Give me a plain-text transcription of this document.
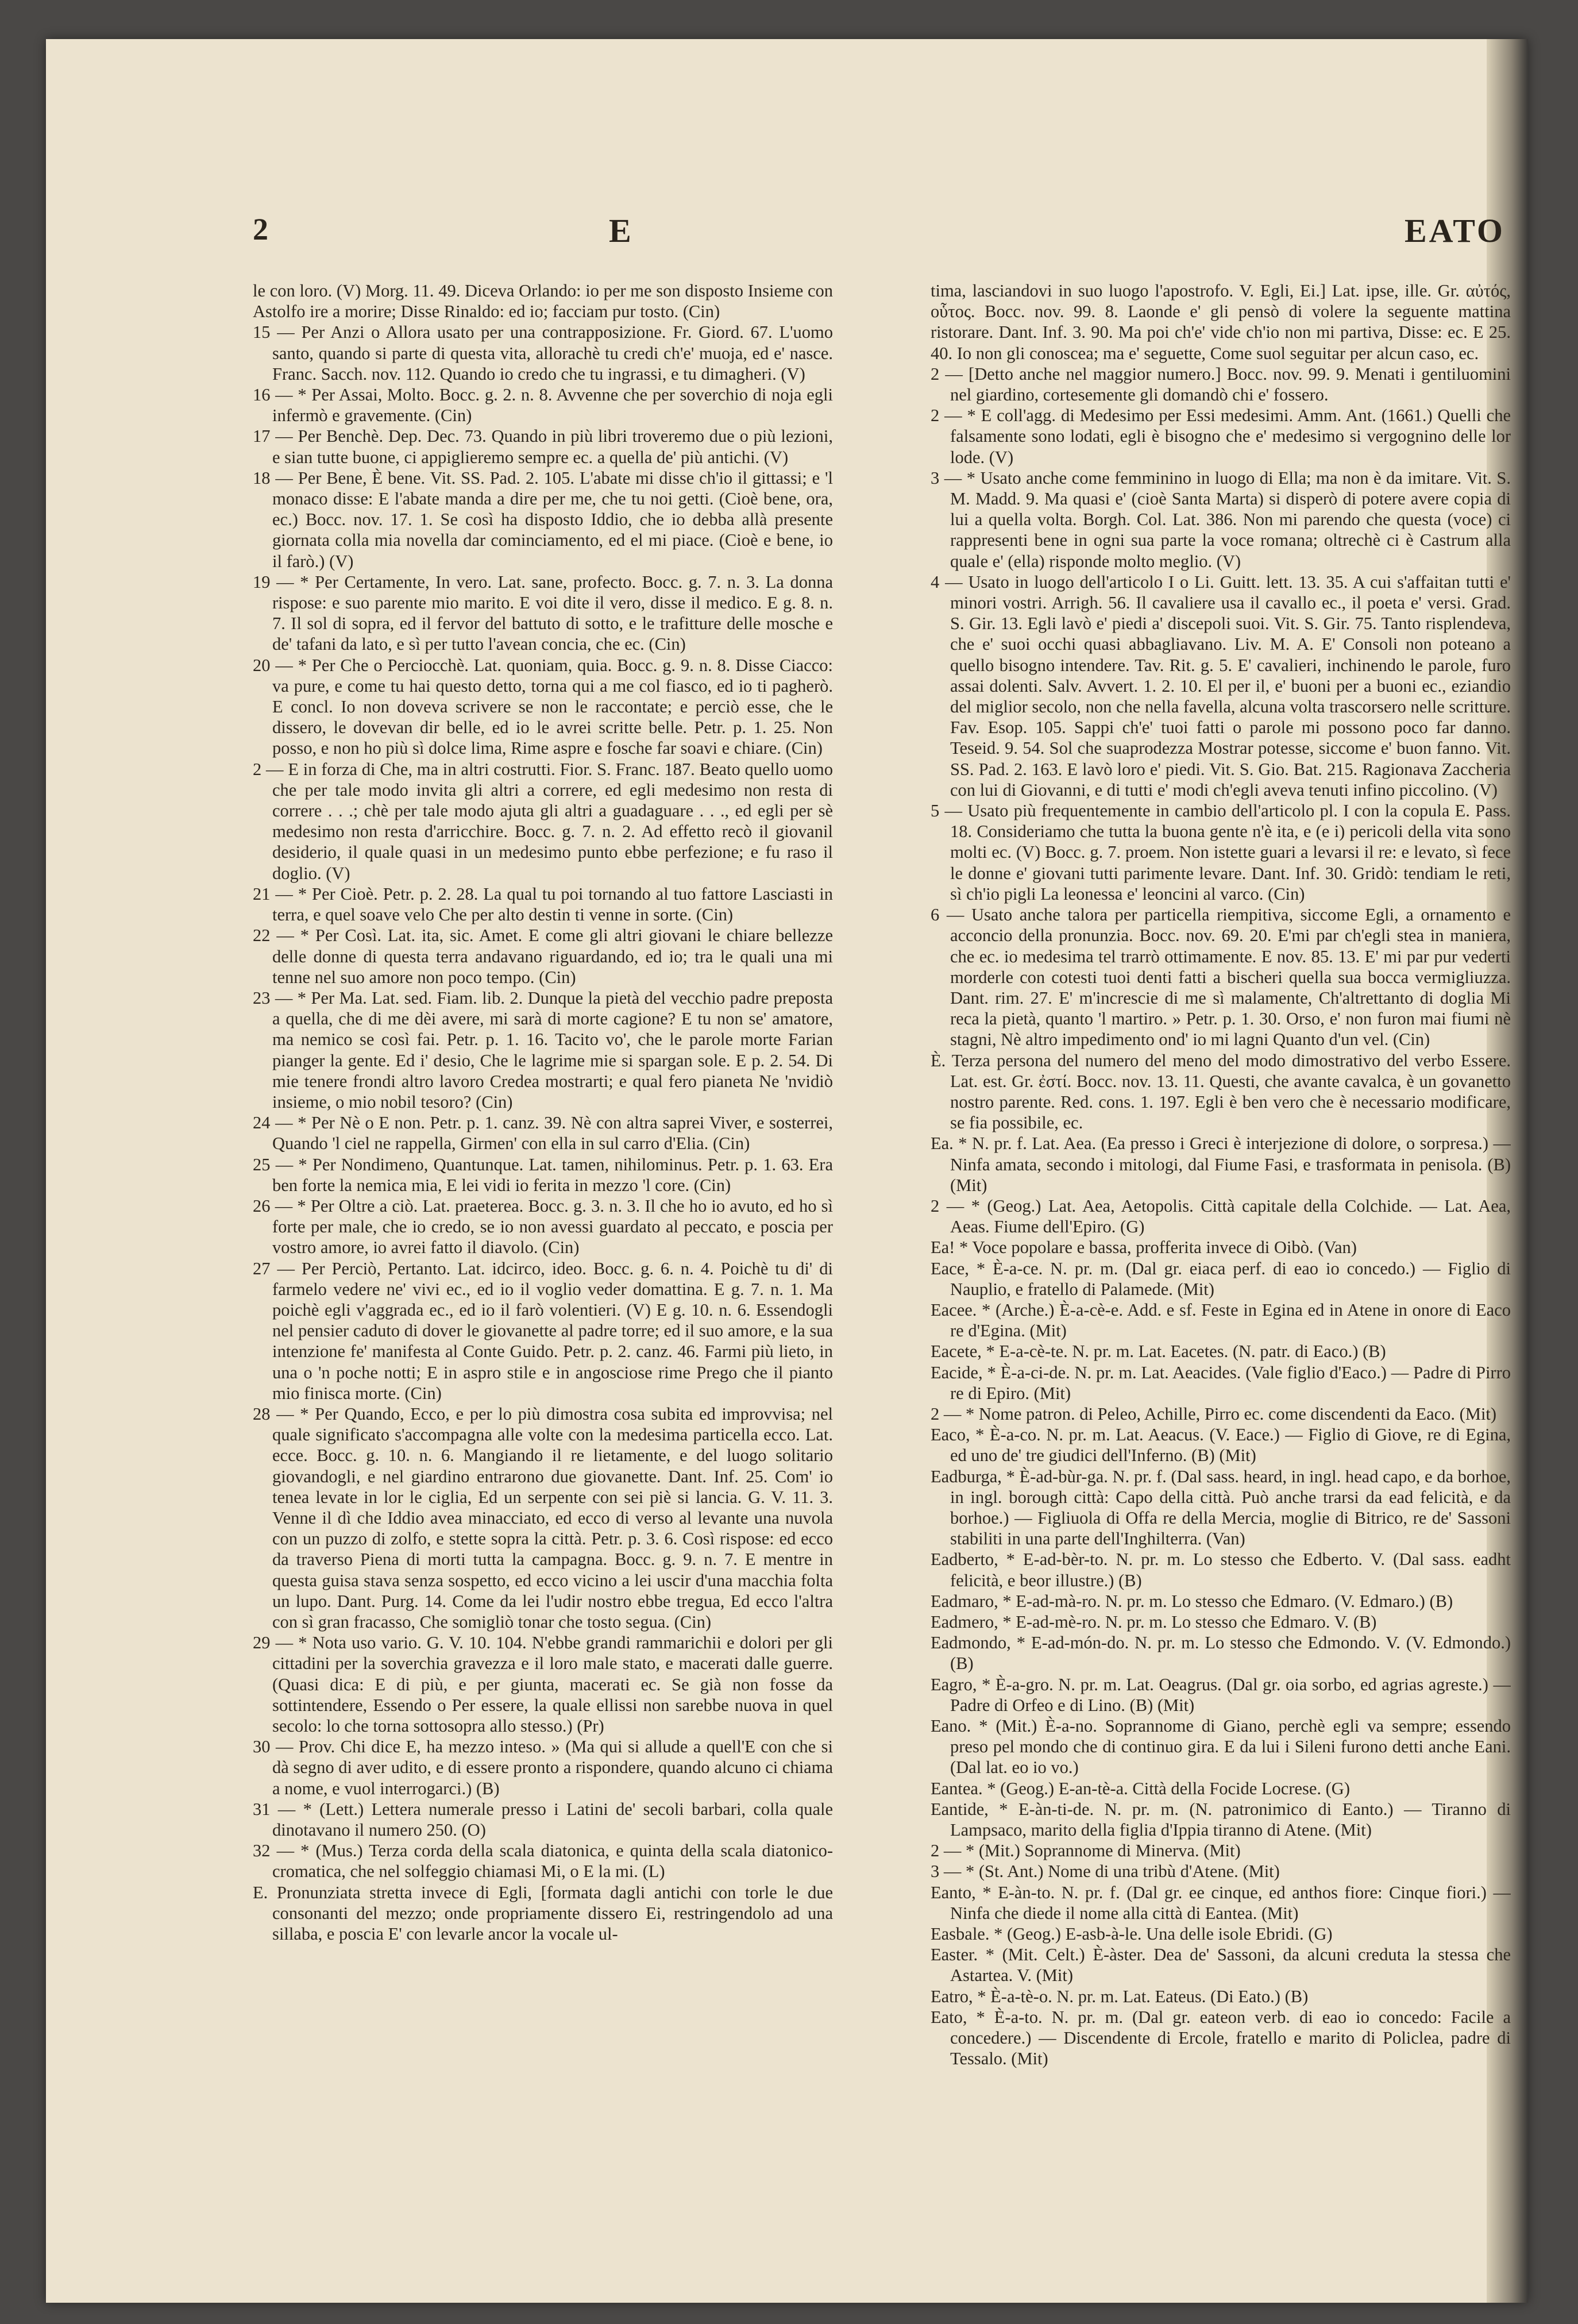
2	E	EATO

le con loro. (V) Morg. 11. 49. Diceva Orlando: io per me son disposto Insieme con Astolfo ire a morire; Disse Rinaldo: ed io; facciam pur tosto. (Cin)

15 — Per Anzi o Allora usato per una contrapposizione. Fr. Giord. 67. L'uomo santo, quando si parte di questa vita, allorachè tu credi ch'e' muoja, ed e' nasce. Franc. Sacch. nov. 112. Quando io credo che tu ingrassi, e tu dimagheri. (V)

16 — * Per Assai, Molto. Bocc. g. 2. n. 8. Avvenne che per soverchio di noja egli infermò e gravemente. (Cin)

17 — Per Benchè. Dep. Dec. 73. Quando in più libri troveremo due o più lezioni, e sian tutte buone, ci appiglieremo sempre ec. a quella de' più antichi. (V)

18 — Per Bene, È bene. Vit. SS. Pad. 2. 105. L'abate mi disse ch'io il gittassi; e 'l monaco disse: E l'abate manda a dire per me, che tu noi getti. (Cioè bene, ora, ec.) Bocc. nov. 17. 1. Se così ha disposto Iddio, che io debba allà presente giornata colla mia novella dar cominciamento, ed el mi piace. (Cioè e bene, io il farò.) (V)

19 — * Per Certamente, In vero. Lat. sane, profecto. Bocc. g. 7. n. 3. La donna rispose: e suo parente mio marito. E voi dite il vero, disse il medico. E g. 8. n. 7. Il sol di sopra, ed il fervor del battuto di sotto, e le trafitture delle mosche e de' tafani da lato, e sì per tutto l'avean concia, che ec. (Cin)

20 — * Per Che o Perciocchè. Lat. quoniam, quia. Bocc. g. 9. n. 8. Disse Ciacco: va pure, e come tu hai questo detto, torna qui a me col fiasco, ed io ti pagherò. E concl. Io non doveva scrivere se non le raccontate; e perciò esse, che le dissero, le dovevan dir belle, ed io le avrei scritte belle. Petr. p. 1. 25. Non posso, e non ho più sì dolce lima, Rime aspre e fosche far soavi e chiare. (Cin)

2 — E in forza di Che, ma in altri costrutti. Fior. S. Franc. 187. Beato quello uomo che per tale modo invita gli altri a correre, ed egli medesimo non resta di correre . . .; chè per tale modo ajuta gli altri a guadaguare . . ., ed egli per sè medesimo non resta d'arricchire. Bocc. g. 7. n. 2. Ad effetto recò il giovanil desiderio, il quale quasi in un medesimo punto ebbe perfezione; e fu raso il doglio. (V)

21 — * Per Cioè. Petr. p. 2. 28. La qual tu poi tornando al tuo fattore Lasciasti in terra, e quel soave velo Che per alto destin ti venne in sorte. (Cin)

22 — * Per Così. Lat. ita, sic. Amet. E come gli altri giovani le chiare bellezze delle donne di questa terra andavano riguardando, ed io; tra le quali una mi tenne nel suo amore non poco tempo. (Cin)

23 — * Per Ma. Lat. sed. Fiam. lib. 2. Dunque la pietà del vecchio padre preposta a quella, che di me dèi avere, mi sarà di morte cagione? E tu non se' amatore, ma nemico se così fai. Petr. p. 1. 16. Tacito vo', che le parole morte Farian pianger la gente. Ed i' desio, Che le lagrime mie si spargan sole. E p. 2. 54. Di mie tenere frondi altro lavoro Credea mostrarti; e qual fero pianeta Ne 'nvidiò insieme, o mio nobil tesoro? (Cin)

24 — * Per Nè o E non. Petr. p. 1. canz. 39. Nè con altra saprei Viver, e sosterrei, Quando 'l ciel ne rappella, Girmen' con ella in sul carro d'Elia. (Cin)

25 — * Per Nondimeno, Quantunque. Lat. tamen, nihilominus. Petr. p. 1. 63. Era ben forte la nemica mia, E lei vidi io ferita in mezzo 'l core. (Cin)

26 — * Per Oltre a ciò. Lat. praeterea. Bocc. g. 3. n. 3. Il che ho io avuto, ed ho sì forte per male, che io credo, se io non avessi guardato al peccato, e poscia per vostro amore, io avrei fatto il diavolo. (Cin)

27 — Per Perciò, Pertanto. Lat. idcirco, ideo. Bocc. g. 6. n. 4. Poichè tu di' di farmelo vedere ne' vivi ec., ed io il voglio veder domattina. E g. 7. n. 1. Ma poichè egli v'aggrada ec., ed io il farò volentieri. (V) E g. 10. n. 6. Essendogli nel pensier caduto di dover le giovanette al padre torre; ed il suo amore, e la sua intenzione fe' manifesta al Conte Guido. Petr. p. 2. canz. 46. Farmi più lieto, in una o 'n poche notti; E in aspro stile e in angosciose rime Prego che il pianto mio finisca morte. (Cin)

28 — * Per Quando, Ecco, e per lo più dimostra cosa subita ed improvvisa; nel quale significato s'accompagna alle volte con la medesima particella ecco. Lat. ecce. Bocc. g. 10. n. 6. Mangiando il re lietamente, e del luogo solitario giovandogli, e nel giardino entrarono due giovanette. Dant. Inf. 25. Com' io tenea levate in lor le ciglia, Ed un serpente con sei piè si lancia. G. V. 11. 3. Venne il dì che Iddio avea minacciato, ed ecco di verso al levante una nuvola con un puzzo di zolfo, e stette sopra la città. Petr. p. 3. 6. Così rispose: ed ecco da traverso Piena di morti tutta la campagna. Bocc. g. 9. n. 7. E mentre in questa guisa stava senza sospetto, ed ecco vicino a lei uscir d'una macchia folta un lupo. Dant. Purg. 14. Come da lei l'udir nostro ebbe tregua, Ed ecco l'altra con sì gran fracasso, Che somigliò tonar che tosto segua. (Cin)

29 — * Nota uso vario. G. V. 10. 104. N'ebbe grandi rammarichii e dolori per gli cittadini per la soverchia gravezza e il loro male stato, e macerati dalle guerre. (Quasi dica: E di più, e per giunta, macerati ec. Se già non fosse da sottintendere, Essendo o Per essere, la quale ellissi non sarebbe nuova in quel secolo: lo che torna sottosopra allo stesso.) (Pr)

30 — Prov. Chi dice E, ha mezzo inteso. » (Ma qui si allude a quell'E con che si dà segno di aver udito, e di essere pronto a rispondere, quando alcuno ci chiama a nome, e vuol interrogarci.) (B)

31 — * (Lett.) Lettera numerale presso i Latini de' secoli barbari, colla quale dinotavano il numero 250. (O)

32 — * (Mus.) Terza corda della scala diatonica, e quinta della scala diatonico-cromatica, che nel solfeggio chiamasi Mi, o E la mi. (L)

E. Pronunziata stretta invece di Egli, [formata dagli antichi con torle le due consonanti del mezzo; onde propriamente dissero Ei, restringendolo ad una sillaba, e poscia E' con levarle ancor la vocale ul-

tima, lasciandovi in suo luogo l'apostrofo. V. Egli, Ei.] Lat. ipse, ille. Gr. αὐτός, οὗτος. Bocc. nov. 99. 8. Laonde e' gli pensò di volere la seguente mattina ristorare. Dant. Inf. 3. 90. Ma poi ch'e' vide ch'io non mi partiva, Disse: ec. E 25. 40. Io non gli conoscea; ma e' seguette, Come suol seguitar per alcun caso, ec.

2 — [Detto anche nel maggior numero.] Bocc. nov. 99. 9. Menati i gentiluomini nel giardino, cortesemente gli domandò chi e' fossero.

2 — * E coll'agg. di Medesimo per Essi medesimi. Amm. Ant. (1661.) Quelli che falsamente sono lodati, egli è bisogno che e' medesimo si vergognino delle lor lode. (V)

3 — * Usato anche come femminino in luogo di Ella; ma non è da imitare. Vit. S. M. Madd. 9. Ma quasi e' (cioè Santa Marta) si disperò di potere avere copia di lui a quella volta. Borgh. Col. Lat. 386. Non mi parendo che questa (voce) ci rappresenti bene in ogni sua parte la voce romana; oltrechè ci è Castrum alla quale e' (ella) risponde molto meglio. (V)

4 — Usato in luogo dell'articolo I o Li. Guitt. lett. 13. 35. A cui s'affaitan tutti e' minori vostri. Arrigh. 56. Il cavaliere usa il cavallo ec., il poeta e' versi. Grad. S. Gir. 13. Egli lavò e' piedi a' discepoli suoi. Vit. S. Gir. 75. Tanto risplendeva, che e' suoi occhi quasi abbagliavano. Liv. M. A. E' Consoli non poteano a quello bisogno intendere. Tav. Rit. g. 5. E' cavalieri, inchinendo le parole, furo assai dolenti. Salv. Avvert. 1. 2. 10. El per il, e' buoni per a buoni ec., eziandio del miglior secolo, non che nella favella, alcuna volta trascorsero nelle scritture. Fav. Esop. 105. Sappi ch'e' tuoi fatti o parole mi possono poco far danno. Teseid. 9. 54. Sol che suaprodezza Mostrar potesse, siccome e' buon fanno. Vit. SS. Pad. 2. 163. E lavò loro e' piedi. Vit. S. Gio. Bat. 215. Ragionava Zaccheria con lui di Giovanni, e di tutti e' modi ch'egli aveva tenuti infino piccolino. (V)

5 — Usato più frequentemente in cambio dell'articolo pl. I con la copula E. Pass. 18. Consideriamo che tutta la buona gente n'è ita, e (e i) pericoli della vita sono molti ec. (V) Bocc. g. 7. proem. Non istette guari a levarsi il re: e levato, sì fece le donne e' giovani tutti parimente levare. Dant. Inf. 30. Gridò: tendiam le reti, sì ch'io pigli La leonessa e' leoncini al varco. (Cin)

6 — Usato anche talora per particella riempitiva, siccome Egli, a ornamento e acconcio della pronunzia. Bocc. nov. 69. 20. E'mi par ch'egli stea in maniera, che ec. io medesima tel trarrò ottimamente. E nov. 85. 13. E' mi par pur vederti morderle con cotesti tuoi denti fatti a bischeri quella sua bocca vermigliuzza. Dant. rim. 27. E' m'increscie di me sì malamente, Ch'altrettanto di doglia Mi reca la pietà, quanto 'l martiro. » Petr. p. 1. 30. Orso, e' non furon mai fiumi nè stagni, Nè altro impedimento ond' io mi lagni Quanto d'un vel. (Cin)

È. Terza persona del numero del meno del modo dimostrativo del verbo Essere. Lat. est. Gr. ἐστί. Bocc. nov. 13. 11. Questi, che avante cavalca, è un govanetto nostro parente. Red. cons. 1. 197. Egli è ben vero che è necessario modificare, se fia possibile, ec.

Ea. * N. pr. f. Lat. Aea. (Ea presso i Greci è interjezione di dolore, o sorpresa.) — Ninfa amata, secondo i mitologi, dal Fiume Fasi, e trasformata in penisola. (B) (Mit)

2 — * (Geog.) Lat. Aea, Aetopolis. Città capitale della Colchide. — Lat. Aea, Aeas. Fiume dell'Epiro. (G)

Ea! * Voce popolare e bassa, profferita invece di Oibò. (Van)

Eace, * È-a-ce. N. pr. m. (Dal gr. eiaca perf. di eao io concedo.) — Figlio di Nauplio, e fratello di Palamede. (Mit)

Eacee. * (Arche.) È-a-cè-e. Add. e sf. Feste in Egina ed in Atene in onore di Eaco re d'Egina. (Mit)

Eacete, * E-a-cè-te. N. pr. m. Lat. Eacetes. (N. patr. di Eaco.) (B)

Eacide, * È-a-ci-de. N. pr. m. Lat. Aeacides. (Vale figlio d'Eaco.) — Padre di Pirro re di Epiro. (Mit)

2 — * Nome patron. di Peleo, Achille, Pirro ec. come discendenti da Eaco. (Mit)

Eaco, * È-a-co. N. pr. m. Lat. Aeacus. (V. Eace.) — Figlio di Giove, re di Egina, ed uno de' tre giudici dell'Inferno. (B) (Mit)

Eadburga, * È-ad-bùr-ga. N. pr. f. (Dal sass. heard, in ingl. head capo, e da borhoe, in ingl. borough città: Capo della città. Può anche trarsi da ead felicità, e da borhoe.) — Figliuola di Offa re della Mercia, moglie di Bitrico, re de' Sassoni stabiliti in una parte dell'Inghilterra. (Van)

Eadberto, * E-ad-bèr-to. N. pr. m. Lo stesso che Edberto. V. (Dal sass. eadht felicità, e beor illustre.) (B)

Eadmaro, * E-ad-mà-ro. N. pr. m. Lo stesso che Edmaro. (V. Edmaro.) (B)

Eadmero, * E-ad-mè-ro. N. pr. m. Lo stesso che Edmaro. V. (B)

Eadmondo, * E-ad-món-do. N. pr. m. Lo stesso che Edmondo. V. (V. Edmondo.) (B)

Eagro, * È-a-gro. N. pr. m. Lat. Oeagrus. (Dal gr. oia sorbo, ed agrias agreste.) — Padre di Orfeo e di Lino. (B) (Mit)

Eano. * (Mit.) È-a-no. Soprannome di Giano, perchè egli va sempre; essendo preso pel mondo che di continuo gira. E da lui i Sileni furono detti anche Eani. (Dal lat. eo io vo.)

Eantea. * (Geog.) E-an-tè-a. Città della Focide Locrese. (G)

Eantide, * E-àn-ti-de. N. pr. m. (N. patronimico di Eanto.) — Tiranno di Lampsaco, marito della figlia d'Ippia tiranno di Atene. (Mit)

2 — * (Mit.) Soprannome di Minerva. (Mit)

3 — * (St. Ant.) Nome di una tribù d'Atene. (Mit)

Eanto, * E-àn-to. N. pr. f. (Dal gr. ee cinque, ed anthos fiore: Cinque fiori.) — Ninfa che diede il nome alla città di Eantea. (Mit)

Easbale. * (Geog.) E-asb-à-le. Una delle isole Ebridi. (G)

Easter. * (Mit. Celt.) È-àster. Dea de' Sassoni, da alcuni creduta la stessa che Astartea. V. (Mit)

Eatro, * È-a-tè-o. N. pr. m. Lat. Eateus. (Di Eato.) (B)

Eato, * È-a-to. N. pr. m. (Dal gr. eateon verb. di eao io concedo: Facile a concedere.) — Discendente di Ercole, fratello e marito di Policlea, padre di Tessalo. (Mit)
